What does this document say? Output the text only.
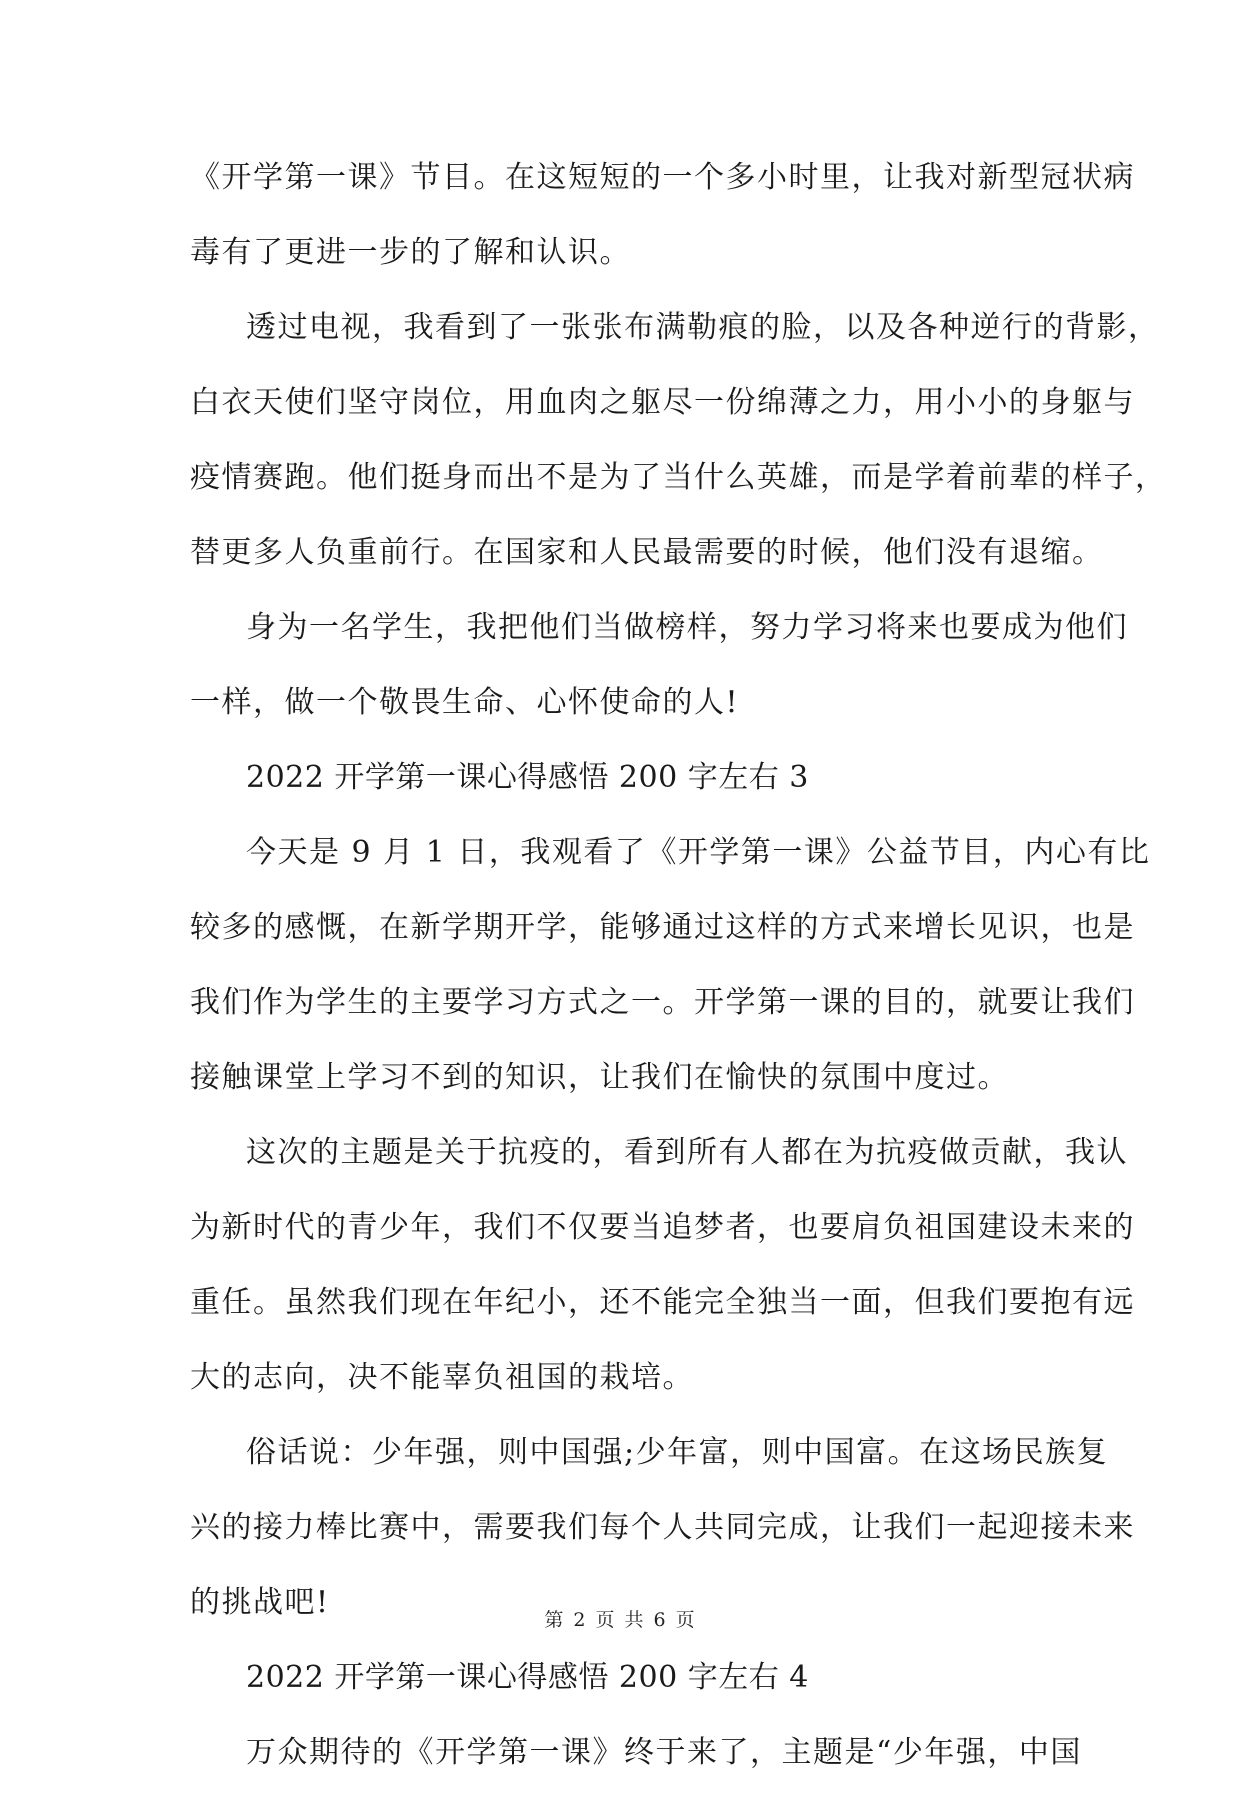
《开学第一课》节目。在这短短的一个多小时里，让我对新型冠状病
毒有了更进一步的了解和认识。
透过电视，我看到了一张张布满勒痕的脸，以及各种逆行的背影，
白衣天使们坚守岗位，用血肉之躯尽一份绵薄之力，用小小的身躯与
疫情赛跑。他们挺身而出不是为了当什么英雄，而是学着前辈的样子，
替更多人负重前行。在国家和人民最需要的时候，他们没有退缩。
身为一名学生，我把他们当做榜样，努力学习将来也要成为他们
一样，做一个敬畏生命、心怀使命的人!
2022 开学第一课心得感悟 200 字左右 3
今天是 9 月 1 日，我观看了《开学第一课》公益节目，内心有比
较多的感慨，在新学期开学，能够通过这样的方式来增长见识，也是
我们作为学生的主要学习方式之一。开学第一课的目的，就要让我们
接触课堂上学习不到的知识，让我们在愉快的氛围中度过。
这次的主题是关于抗疫的，看到所有人都在为抗疫做贡献，我认
为新时代的青少年，我们不仅要当追梦者，也要肩负祖国建设未来的
重任。虽然我们现在年纪小，还不能完全独当一面，但我们要抱有远
大的志向，决不能辜负祖国的栽培。
俗话说：少年强，则中国强;少年富，则中国富。在这场民族复
兴的接力棒比赛中，需要我们每个人共同完成，让我们一起迎接未来
的挑战吧!
2022 开学第一课心得感悟 200 字左右 4
万众期待的《开学第一课》终于来了，主题是“少年强，中国
第 2 页 共 6 页
